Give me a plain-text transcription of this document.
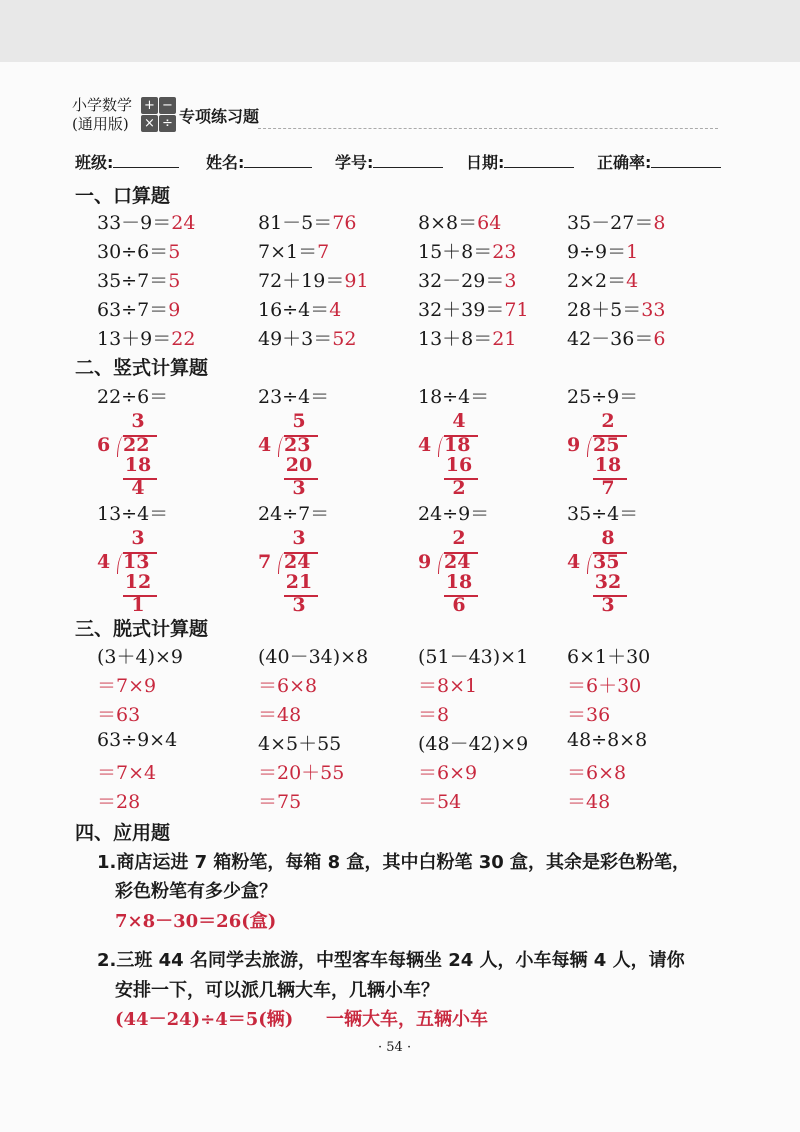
小学数学
(通用版)
+ −
× ÷ 专项练习题
班级:	姓名:	学号:	日期:	正确率:
一、口算题
33－9＝24	81－5＝76	8×8＝64	35－27＝8
30÷6＝5	7×1＝7	15＋8＝23	9÷9＝1
35÷7＝5	72＋19＝91	32－29＝3	2×2＝4
63÷7＝9	16÷4＝4	32＋39＝71 28＋5＝33
13＋9＝22	49＋3＝52	13＋8＝21	42－36＝6
二、竖式计算题
22÷6＝
3
6 22
18
4
23÷4＝
5
4 23
20
3
18÷4＝
4
4 18
16
2
25÷9＝
2
9 25
18
7
13÷4＝
3
4 13
12
1
24÷7＝
3
7 24
21
3
24÷9＝
2
9 24
18
6
35÷4＝
8
4 35
32
3
三、脱式计算题
(3＋4)×9
＝7×9
＝63
(40－34)×8
＝6×8
＝48
(51－43)×1
＝8×1
＝8
6×1＋30
＝6＋30
＝36
63÷9×4
＝7×4
＝28
4×5＋55
＝20＋55
＝75
(48－42)×9
＝6×9
＝54
48÷8×8
＝6×8
＝48
四、应用题
1.商店运进 7 箱粉笔，每箱 8 盒，其中白粉笔 30 盒，其余是彩色粉笔，
彩色粉笔有多少盒？
7×8－30＝26(盒)
2.三班 44 名同学去旅游，中型客车每辆坐 24 人，小车每辆 4 人，请你
安排一下，可以派几辆大车，几辆小车？
(44－24)÷4＝5(辆) 一辆大车，五辆小车
· 54 ·
